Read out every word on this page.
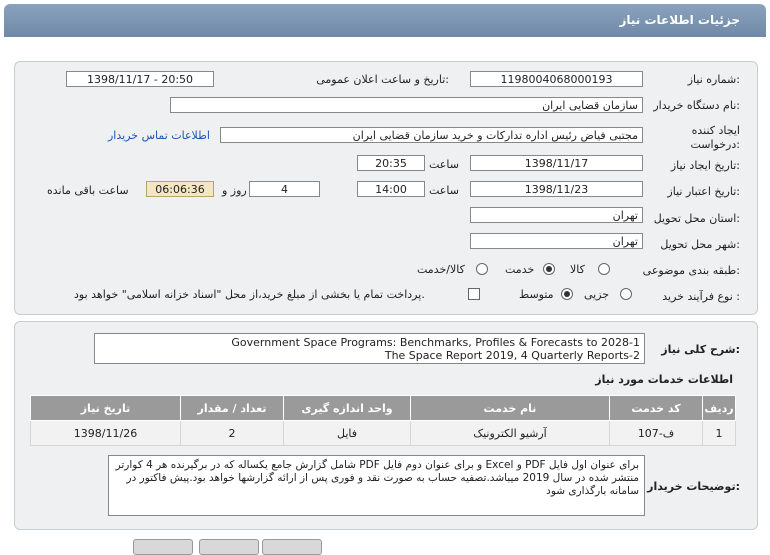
جزئیات اطلاعات نیاز
شماره نیاز:
1198004068000193
تاریخ و ساعت اعلان عمومی:
1398/11/17 - 20:50
نام دستگاه خریدار:
سازمان قضایی ایران
ایجاد کننده
درخواست:
مجتبی فیاض رئیس اداره تدارکات و خرید سازمان قضایی ایران
اطلاعات تماس خریدار
تاریخ ایجاد نیاز:
1398/11/17
ساعت
20:35
تاریخ اعتبار نیاز:
1398/11/23
ساعت
14:00
4
روز و
06:06:36
ساعت باقی مانده
استان محل تحویل:
تهران
شهر محل تحویل:
تهران
طبقه بندی موضوعی:
کالا
خدمت
کالا/خدمت
نوع فرآیند خرید :
جزیی
متوسط
پرداخت تمام یا بخشی از مبلغ خرید،از محل "اسناد خزانه اسلامی" خواهد بود.
شرح کلی نیاز:
1-Government Space Programs: Benchmarks, Profiles & Forecasts to 2028
2-The Space Report 2019, 4 Quarterly Reports
اطلاعات خدمات مورد نیاز
ردیف	کد خدمت	نام خدمت	واحد اندازه گیری	تعداد / مقدار	تاریخ نیاز
1	ف-107	آرشیو الکترونیک	فایل	2	1398/11/26
توضیحات خریدار:
برای عنوان اول فایل PDF و Excel و برای عنوان دوم فایل PDF شامل گزارش جامع یکساله که در برگیرنده هر 4 کوارتر منتشر شده در سال 2019 میباشد.تصفیه حساب به صورت نقد و فوری پس از ارائه گزارشها خواهد بود.پیش فاکتور در سامانه بارگذاری شود
